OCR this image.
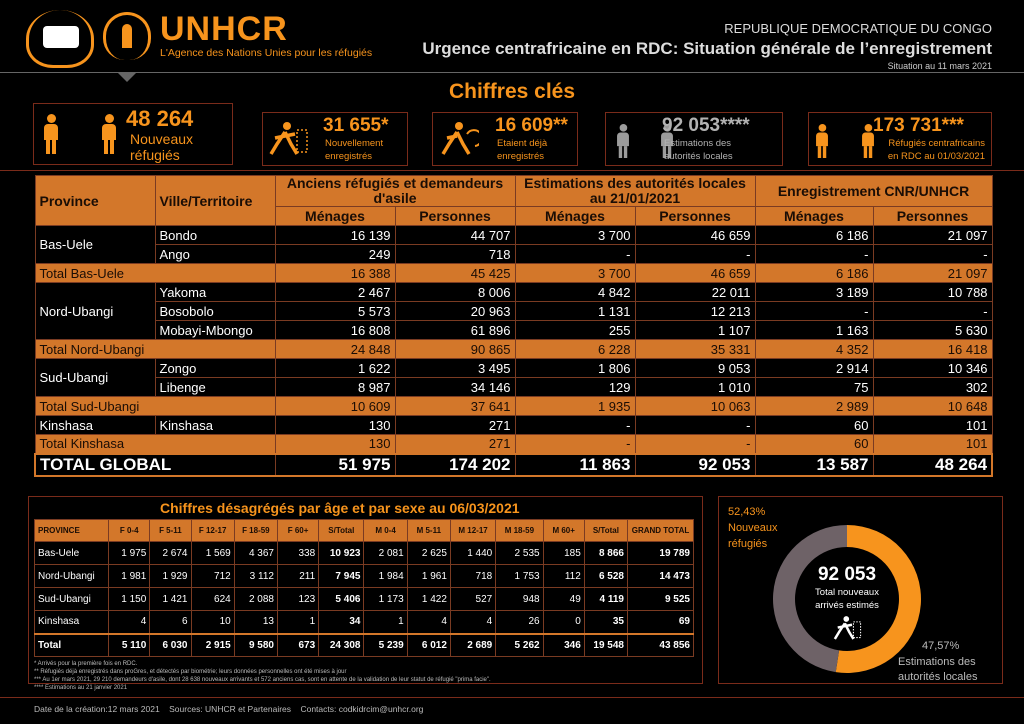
UNHCR
L'Agence des Nations Unies pour les réfugiés
REPUBLIQUE DEMOCRATIQUE DU CONGO
Urgence centrafricaine en RDC: Situation générale de l’enregistrement
Situation au 11 mars 2021
Chiffres clés

48 264
Nouveaux
réfugiés
31 655*
Nouvellement
enregistrés
16 609**
Etaient déjà
enregistrés

92 053****
Estimations des
autorités locales

173 731***
Réfugiés centrafricains
en RDC au 01/03/2021
Province	Ville/Territoire	Anciens réfugiés et demandeurs d'asile		Estimations des autorités locales au 21/01/2021		Enregistrement CNR/UNHCR	
		Ménages	Personnes	Ménages	Personnes	Ménages	Personnes
Bas-Uele	Bondo	16 139	44 707	3 700	46 659	6 186	21 097
	Ango	249	718	-	-	-	-
Total Bas-Uele		16 388	45 425	3 700	46 659	6 186	21 097
Nord-Ubangi	Yakoma	2 467	8 006	4 842	22 011	3 189	10 788
	Bosobolo	5 573	20 963	1 131	12 213	-	-
	Mobayi-Mbongo	16 808	61 896	255	1 107	1 163	5 630
Total Nord-Ubangi		24 848	90 865	6 228	35 331	4 352	16 418
Sud-Ubangi	Zongo	1 622	3 495	1 806	9 053	2 914	10 346
	Libenge	8 987	34 146	129	1 010	75	302
Total Sud-Ubangi		10 609	37 641	1 935	10 063	2 989	10 648
Kinshasa	Kinshasa	130	271	-	-	60	101
Total Kinshasa		130	271	-	-	60	101
TOTAL GLOBAL		51 975	174 202	11 863	92 053	13 587	48 264
Chiffres désagrégés par âge et par sexe au 06/03/2021
PROVINCE	F 0-4	F 5-11	F 12-17	F 18-59	F 60+	S/Total	M 0-4	M 5-11	M 12-17	M 18-59	M 60+	S/Total	GRAND TOTAL
Bas-Uele	1 975	2 674	1 569	4 367	338	10 923	2 081	2 625	1 440	2 535	185	8 866	19 789
Nord-Ubangi	1 981	1 929	712	3 112	211	7 945	1 984	1 961	718	1 753	112	6 528	14 473
Sud-Ubangi	1 150	1 421	624	2 088	123	5 406	1 173	1 422	527	948	49	4 119	9 525
Kinshasa	4	6	10	13	1	34	1	4	4	26	0	35	69
Total	5 110	6 030	2 915	9 580	673	24 308	5 239	6 012	2 689	5 262	346	19 548	43 856
* Arrivés pour la première fois en RDC.
** Réfugiés déjà enregistrés dans proGres, et détectés par biométrie; leurs données personnelles ont été mises à jour
*** Au 1er mars 2021, 29 210 demandeurs d'asile, dont 28 638 nouveaux arrivants et 572 anciens cas, sont en attente de la validation de leur statut de réfugié "prima facie".
**** Estimations au 21 janvier 2021
52,43%
Nouveaux
réfugiés
92 053
Total nouveaux
arrivés estimés
47,57%
Estimations des
autorités locales
Date de la création:12 mars 2021    Sources: UNHCR et Partenaires    Contacts: codkidrcim@unhcr.org
